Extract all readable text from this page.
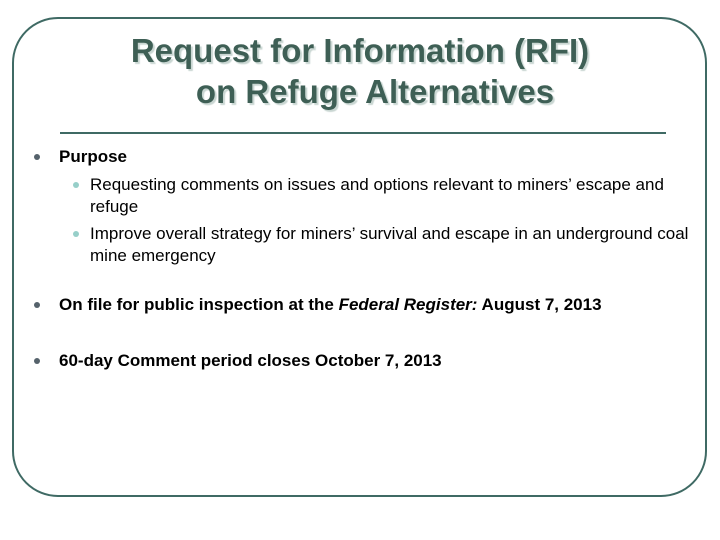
Request for Information (RFI)
on Refuge Alternatives
Purpose
Requesting comments on issues and options relevant to miners’ escape and refuge
Improve overall strategy for miners’ survival and escape in an underground coal mine emergency
On file for public inspection at the Federal Register: August 7, 2013
60-day Comment period closes October 7, 2013
